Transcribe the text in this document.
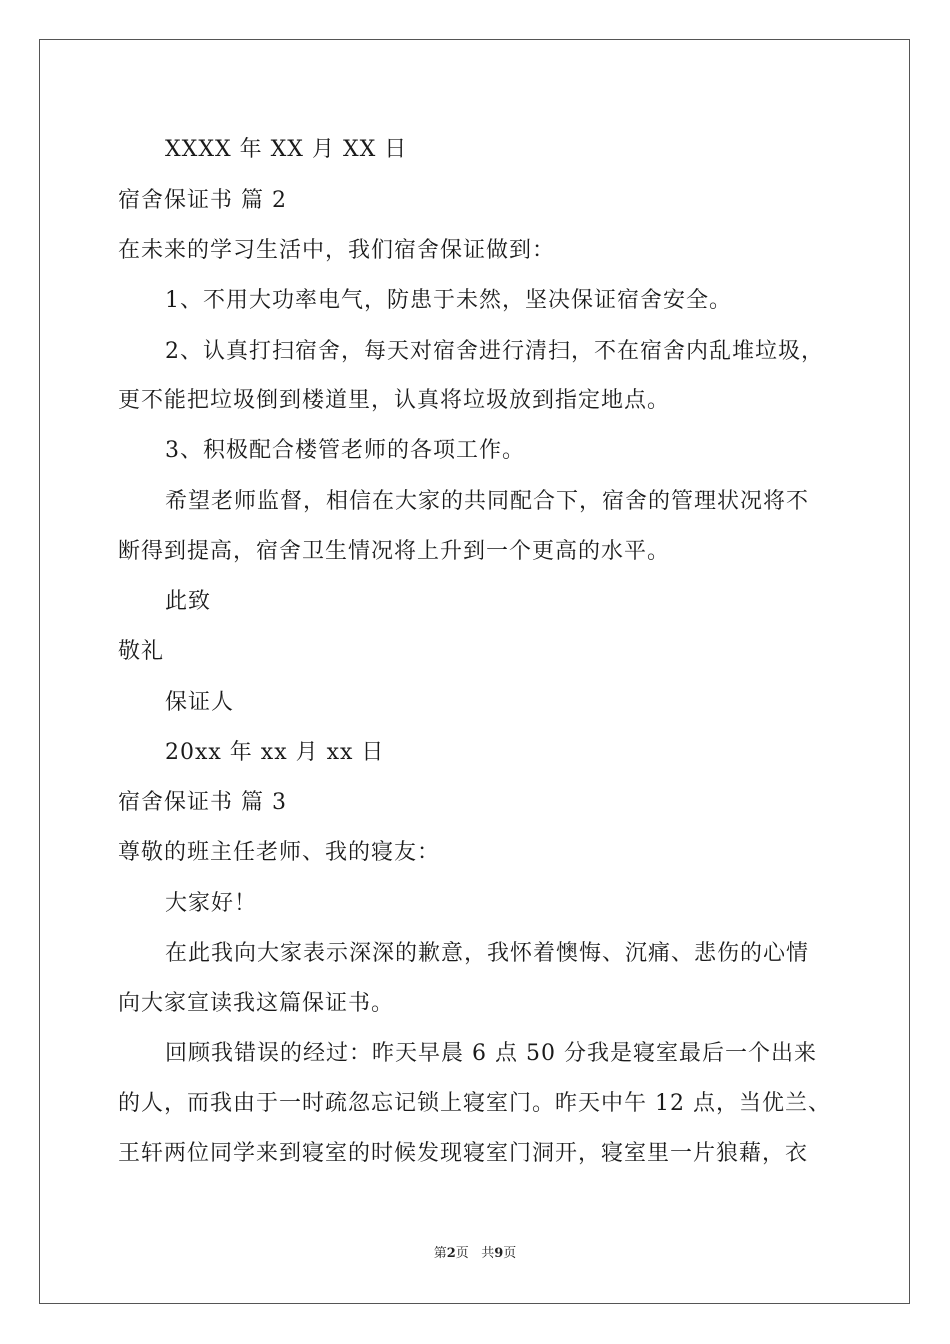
XXXX 年 XX 月 XX 日
宿舍保证书 篇 2
在未来的学习生活中，我们宿舍保证做到：
1、不用大功率电气，防患于未然，坚决保证宿舍安全。
2、认真打扫宿舍，每天对宿舍进行清扫，不在宿舍内乱堆垃圾，
更不能把垃圾倒到楼道里，认真将垃圾放到指定地点。
3、积极配合楼管老师的各项工作。
希望老师监督，相信在大家的共同配合下，宿舍的管理状况将不
断得到提高，宿舍卫生情况将上升到一个更高的水平。
此致
敬礼
保证人
20xx 年 xx 月 xx 日
宿舍保证书 篇 3
尊敬的班主任老师、我的寝友：
大家好！
在此我向大家表示深深的歉意，我怀着懊悔、沉痛、悲伤的心情
向大家宣读我这篇保证书。
回顾我错误的经过：昨天早晨 6 点 50 分我是寝室最后一个出来
的人，而我由于一时疏忽忘记锁上寝室门。昨天中午 12 点，当优兰、
王轩两位同学来到寝室的时候发现寝室门洞开，寝室里一片狼藉，衣
第2页 共9页
